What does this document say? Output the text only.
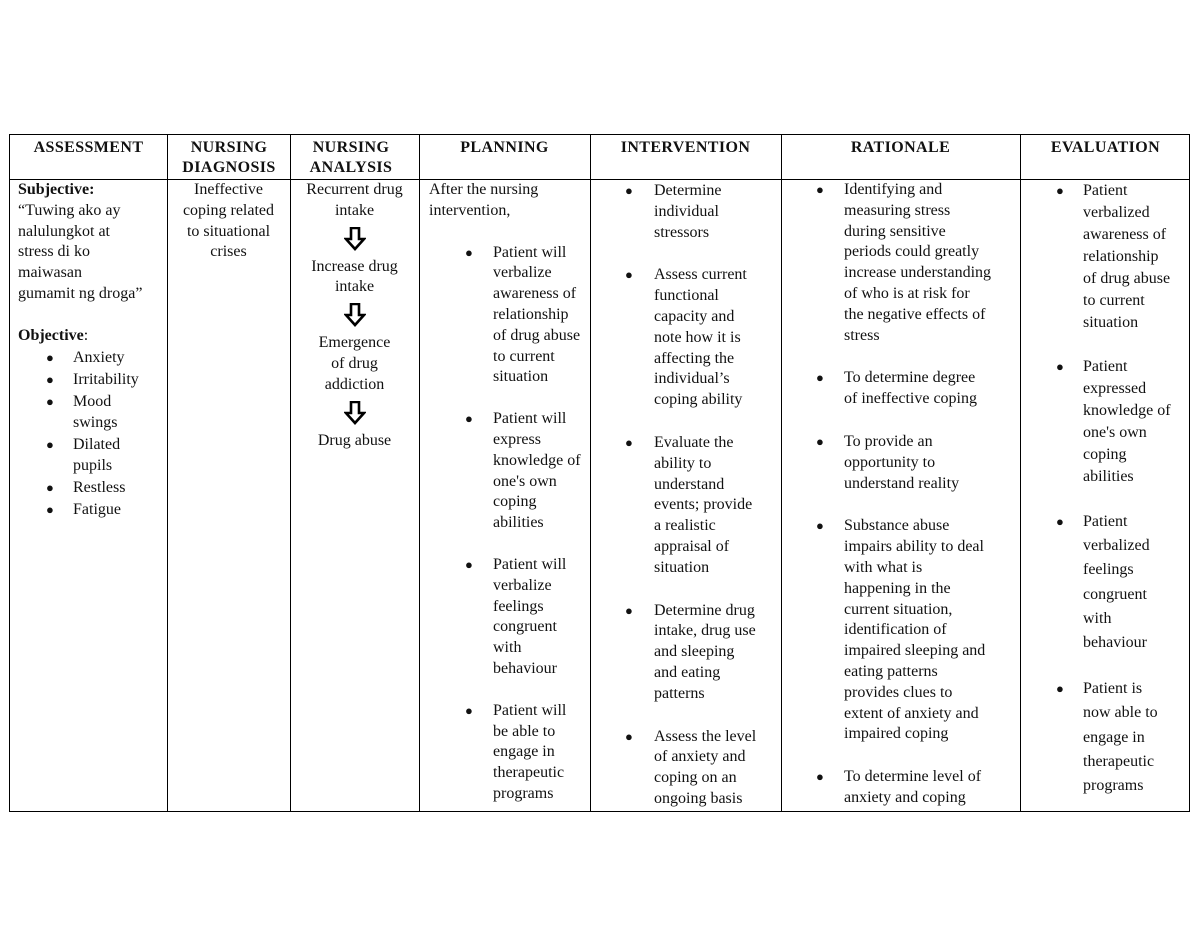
ASSESSMENT
Subjective:
“Tuwing ako ay
nalulungkot at
stress di ko
maiwasan
gumamit ng droga”
Objective:
● Anxiety
● Irritability
● Mood
swings
● Dilated
pupils
● Restless
● Fatigue
NURSING DIAGNOSIS
Ineffective
coping related
to situational
crises
NURSING ANALYSIS
Recurrent drug
intake
Increase drug
intake
Emergence
of drug
addiction
Drug abuse
PLANNING
After the nursing
intervention,
● Patient will
verbalize
awareness of
relationship
of drug abuse
to current
situation
● Patient will
express
knowledge of
one's own
coping
abilities
● Patient will
verbalize
feelings
congruent
with
behaviour
● Patient will
be able to
engage in
therapeutic
programs
INTERVENTION
● Determine
individual
stressors
● Assess current
functional
capacity and
note how it is
affecting the
individual’s
coping ability
● Evaluate the
ability to
understand
events; provide
a realistic
appraisal of
situation
● Determine drug
intake, drug use
and sleeping
and eating
patterns
● Assess the level
of anxiety and
coping on an
ongoing basis
RATIONALE
● Identifying and
measuring stress
during sensitive
periods could greatly
increase understanding
of who is at risk for
the negative effects of
stress
● To determine degree
of ineffective coping
● To provide an
opportunity to
understand reality
● Substance abuse
impairs ability to deal
with what is
happening in the
current situation,
identification of
impaired sleeping and
eating patterns
provides clues to
extent of anxiety and
impaired coping
● To determine level of
anxiety and coping
EVALUATION
● Patient
verbalized
awareness of
relationship
of drug abuse
to current
situation
● Patient
expressed
knowledge of
one's own
coping
abilities
● Patient
verbalized
feelings
congruent
with
behaviour
● Patient is
now able to
engage in
therapeutic
programs
